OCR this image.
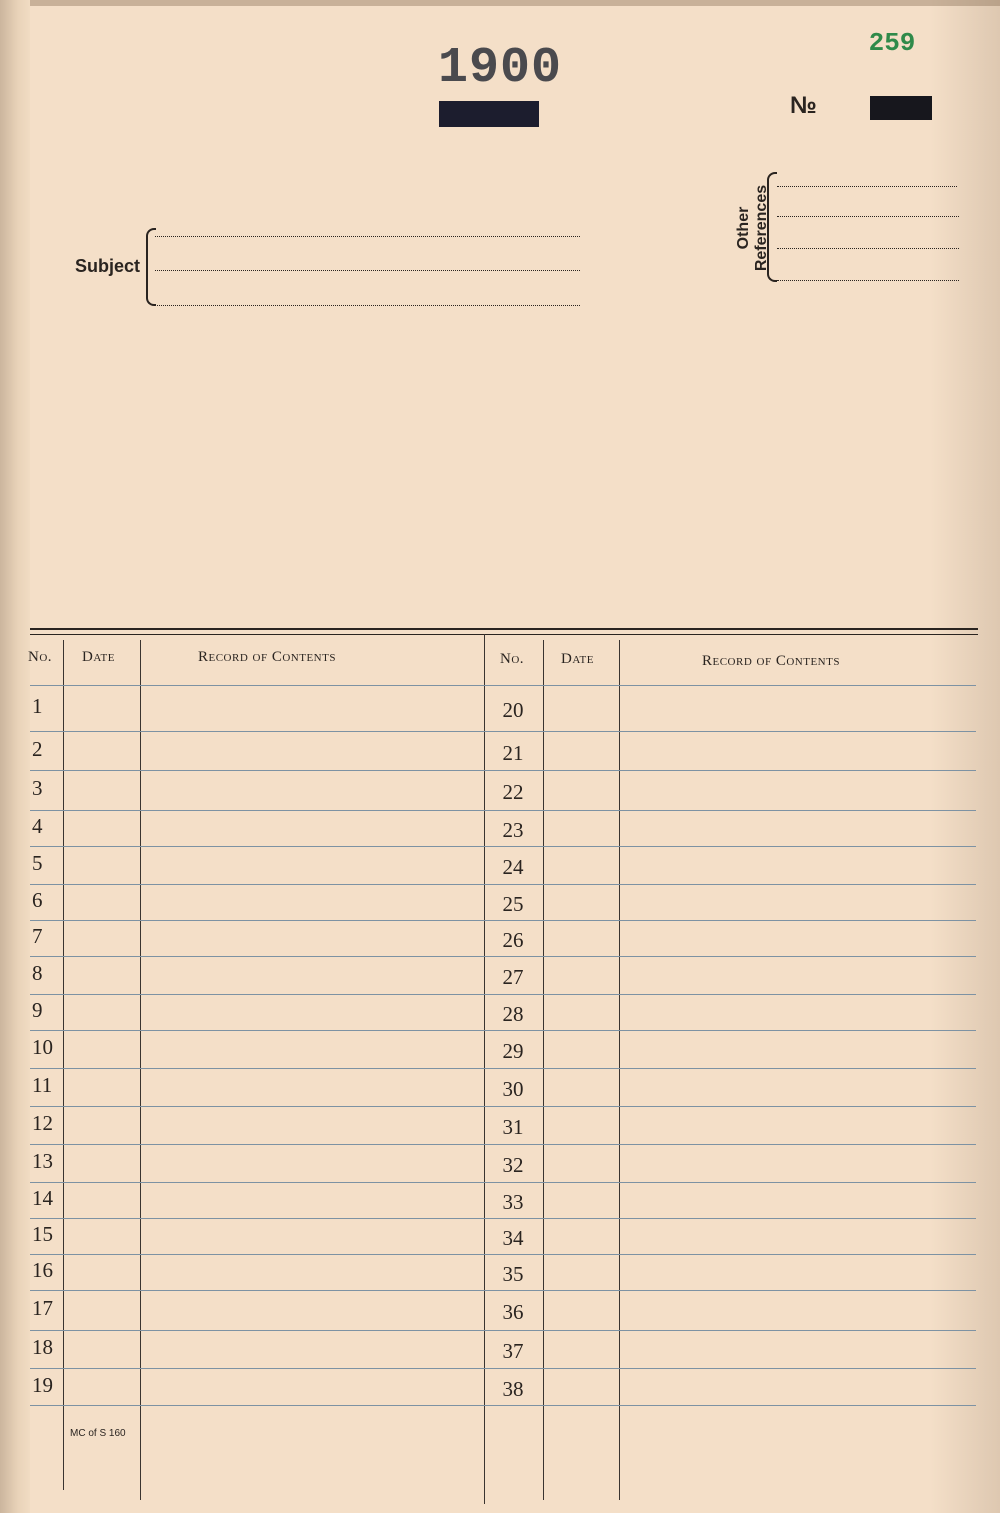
1900	259
№
Subject
Other
References
No. Date	Record of Contents	No. Date	Record of Contents
1	20
2	21
3	22
4	23
5	24
6	25
7	26
8	27
9	28
10	29
11	30
12	31
13	32
14	33
15	34
16	35
17	36
18	37
19	38
MC of S 160
